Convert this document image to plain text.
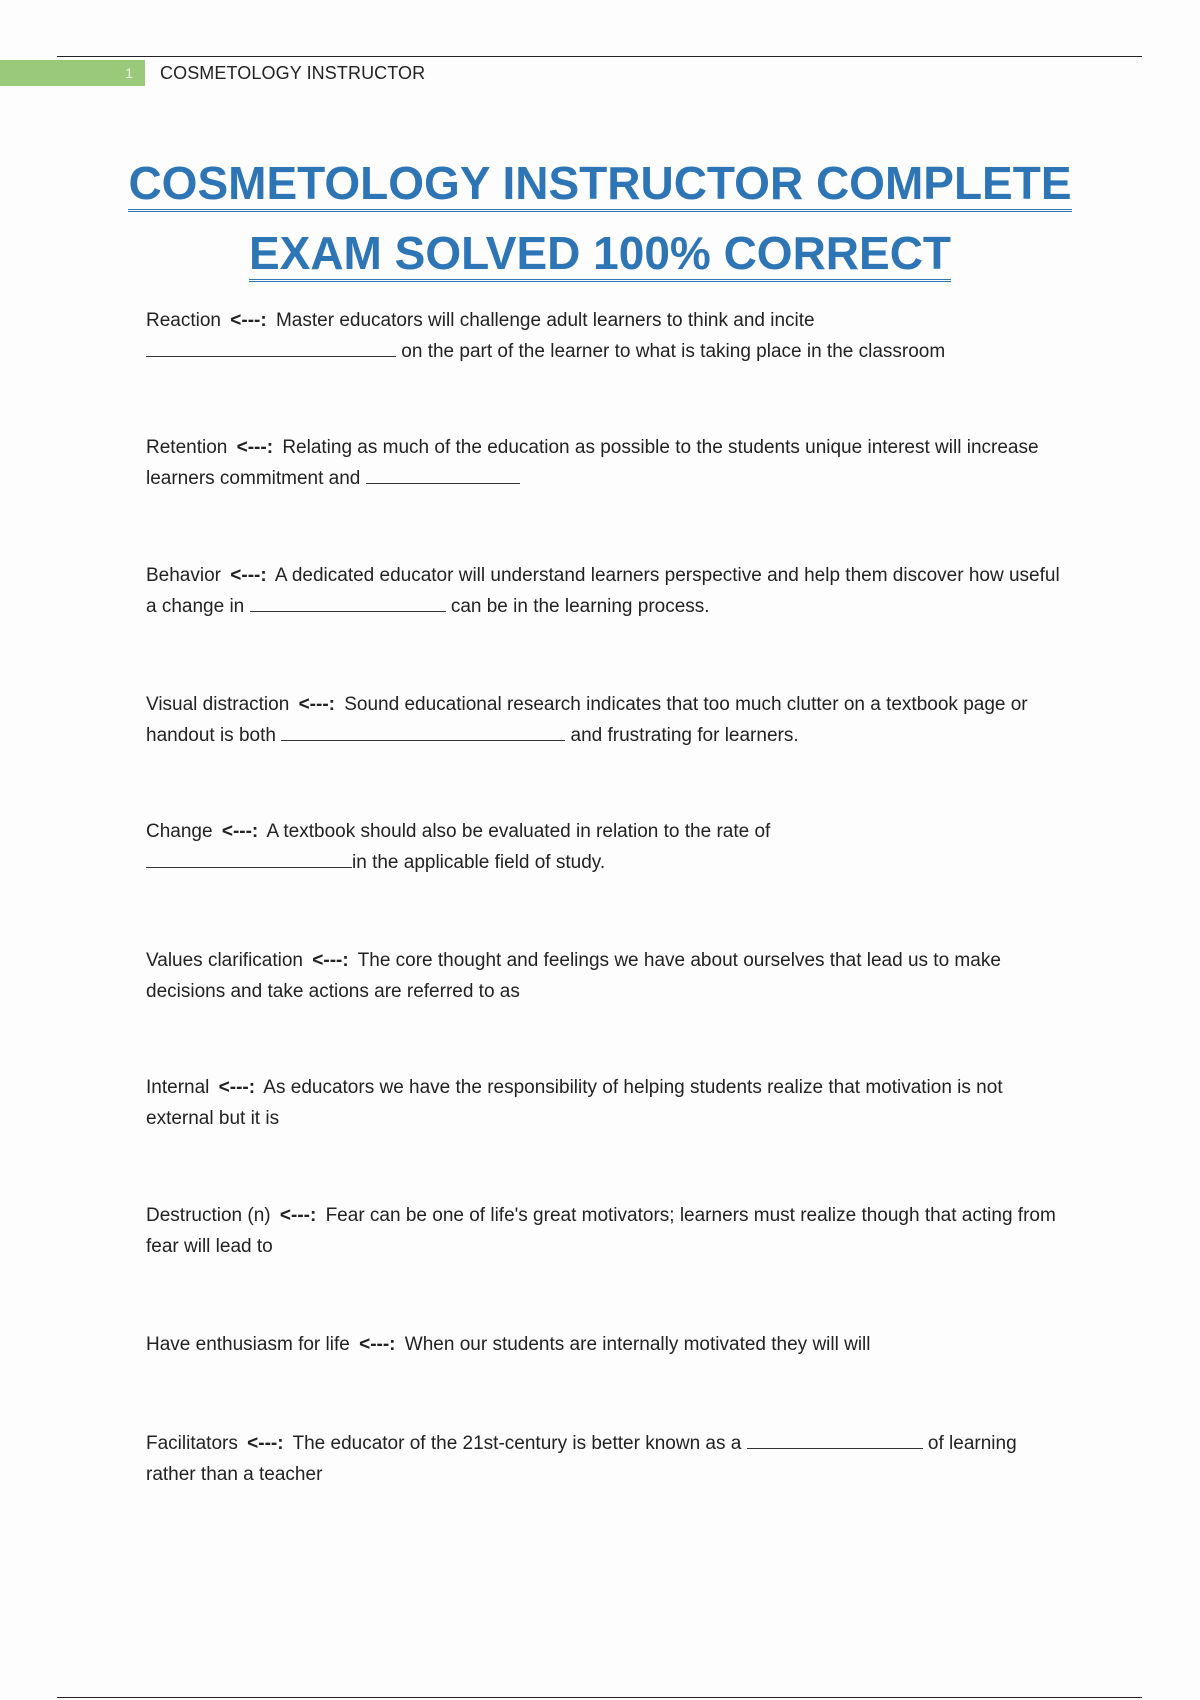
1	COSMETOLOGY INSTRUCTOR
COSMETOLOGY INSTRUCTOR COMPLETE
EXAM SOLVED 100% CORRECT
Reaction <---: Master educators will challenge adult learners to think and incite
on the part of the learner to what is taking place in the classroom
Retention <---: Relating as much of the education as possible to the students unique interest will increase learners commitment and
Behavior <---: A dedicated educator will understand learners perspective and help them discover how useful a change in	can be in the learning process.
Visual distraction <---: Sound educational research indicates that too much clutter on a textbook page or handout is both	and frustrating for learners.
Change <---: A textbook should also be evaluated in relation to the rate of
in the applicable field of study.
Values clarification <---: The core thought and feelings we have about ourselves that lead us to make decisions and take actions are referred to as
Internal <---: As educators we have the responsibility of helping students realize that motivation is not external but it is
Destruction (n) <---: Fear can be one of life's great motivators; learners must realize though that acting from fear will lead to
Have enthusiasm for life <---: When our students are internally motivated they will will
Facilitators <---: The educator of the 21st-century is better known as a	of learning rather than a teacher
